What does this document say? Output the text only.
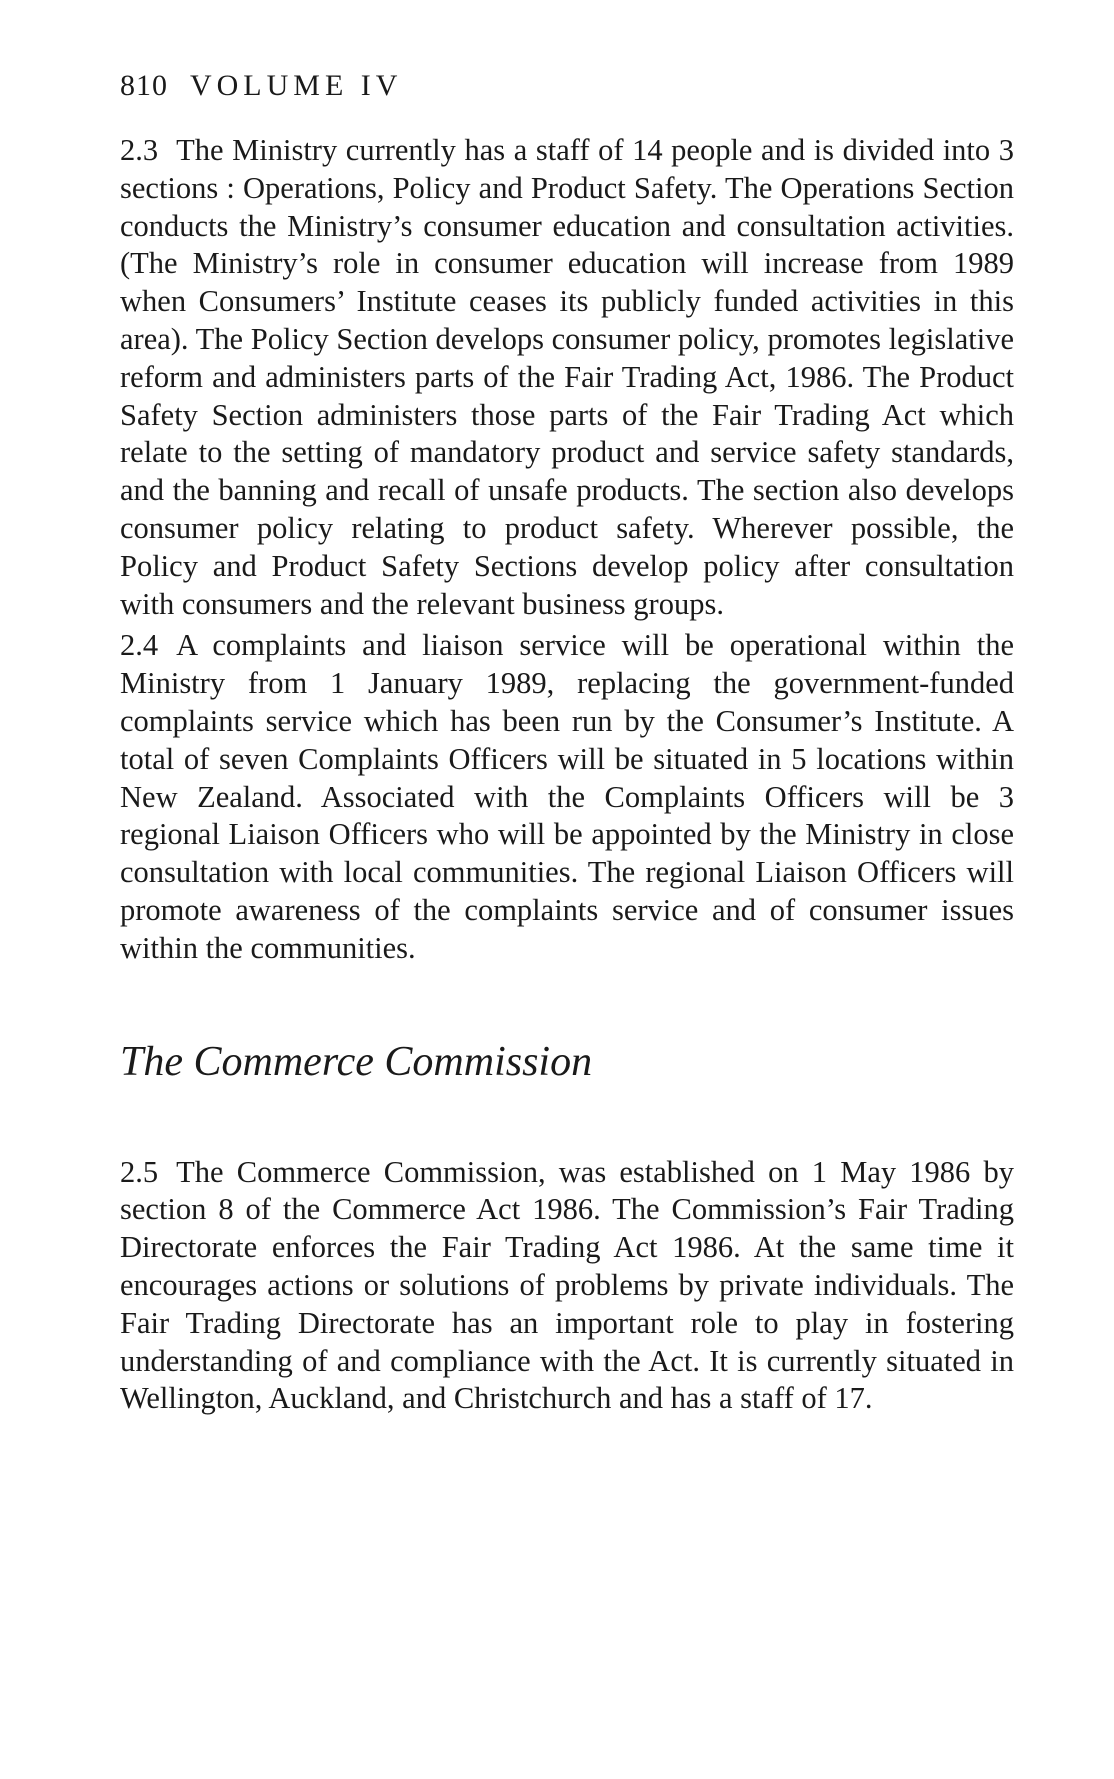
810 VOLUME IV

2.3 The Ministry currently has a staff of 14 people and is divided into 3 sections : Operations, Policy and Product Safety. The Operations Section conducts the Ministry’s consumer education and consultation activities. (The Ministry’s role in consumer education will increase from 1989 when Consumers’ Institute ceases its publicly funded activities in this area). The Policy Section develops consumer policy, promotes legislative reform and administers parts of the Fair Trading Act, 1986. The Product Safety Section administers those parts of the Fair Trading Act which relate to the setting of mandatory product and service safety standards, and the banning and recall of unsafe products. The section also develops consumer policy relating to product safety. Wherever possible, the Policy and Product Safety Sections develop policy after consultation with consumers and the relevant business groups.

2.4 A complaints and liaison service will be operational within the Ministry from 1 January 1989, replacing the government-funded complaints service which has been run by the Consumer’s Institute. A total of seven Complaints Officers will be situated in 5 locations within New Zealand. Associated with the Complaints Officers will be 3 regional Liaison Officers who will be appointed by the Ministry in close consultation with local communities. The regional Liaison Officers will promote awareness of the complaints service and of consumer issues within the communities.

The Commerce Commission

2.5 The Commerce Commission, was established on 1 May 1986 by section 8 of the Commerce Act 1986. The Commission’s Fair Trading Directorate enforces the Fair Trading Act 1986. At the same time it encourages actions or solutions of problems by private individuals. The Fair Trading Directorate has an important role to play in fostering understanding of and compliance with the Act. It is currently situated in Wellington, Auckland, and Christchurch and has a staff of 17.
